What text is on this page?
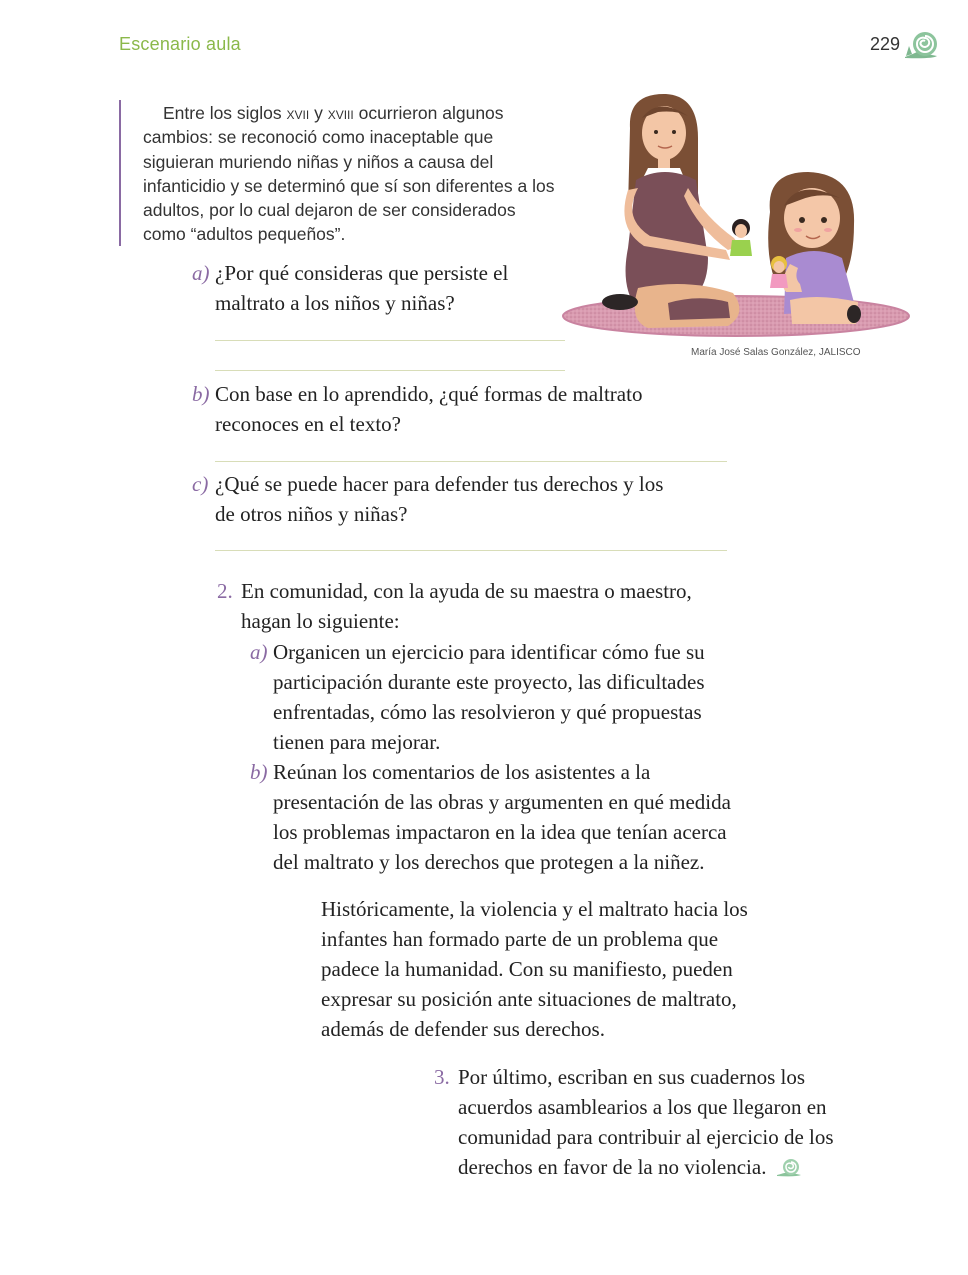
Escenario aula	229

Entre los siglos xvii y xviii ocurrieron algunos cambios: se reconoció como inaceptable que siguieran muriendo niñas y niños a causa del infanticidio y se determinó que sí son diferentes a los adultos, por lo cual dejaron de ser considerados como “adultos pequeños”.

María José Salas González, JALISCO
a) ¿Por qué consideras que persiste el maltrato a los niños y niñas?
b) Con base en lo aprendido, ¿qué formas de maltrato reconoces en el texto?
c) ¿Qué se puede hacer para defender tus derechos y los de otros niños y niñas?
2. En comunidad, con la ayuda de su maestra o maestro, hagan lo siguiente:
a) Organicen un ejercicio para identificar cómo fue su participación durante este proyecto, las dificultades enfrentadas, cómo las resolvieron y qué propuestas tienen para mejorar.
b) Reúnan los comentarios de los asistentes a la presentación de las obras y argumenten en qué medida los problemas impactaron en la idea que tenían acerca del maltrato y los derechos que protegen a la niñez.
Históricamente, la violencia y el maltrato hacia los infantes han formado parte de un problema que padece la humanidad. Con su manifiesto, pueden expresar su posición ante situaciones de maltrato, además de defender sus derechos.
3. Por último, escriban en sus cuadernos los acuerdos asamblearios a los que llegaron en comunidad para contribuir al ejercicio de los derechos en favor de la no violencia.
